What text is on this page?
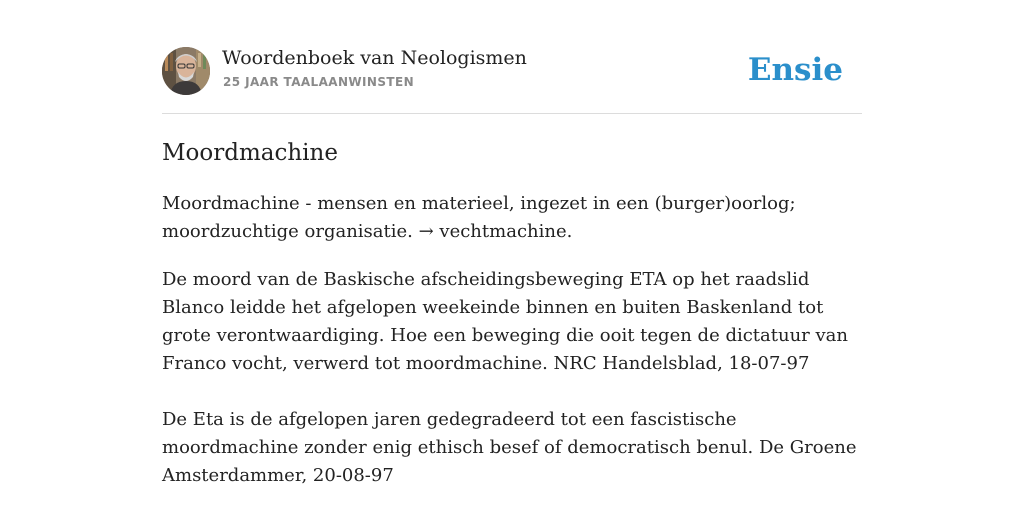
Woordenboek van Neologismen
25 JAAR TAALAANWINSTEN	Ensie
Moordmachine

Moordmachine - mensen en materieel, ingezet in een (burger)oorlog; moordzuchtige organisatie. → vechtmachine.

De moord van de Baskische afscheidingsbeweging ETA op het raadslid Blanco leidde het afgelopen weekeinde binnen en buiten Baskenland tot grote verontwaardiging. Hoe een beweging die ooit tegen de dictatuur van Franco vocht, verwerd tot moordmachine. NRC Handelsblad, 18-07-97

De Eta is de afgelopen jaren gedegradeerd tot een fascistische moordmachine zonder enig ethisch besef of democratisch benul. De Groene Amsterdammer, 20-08-97
